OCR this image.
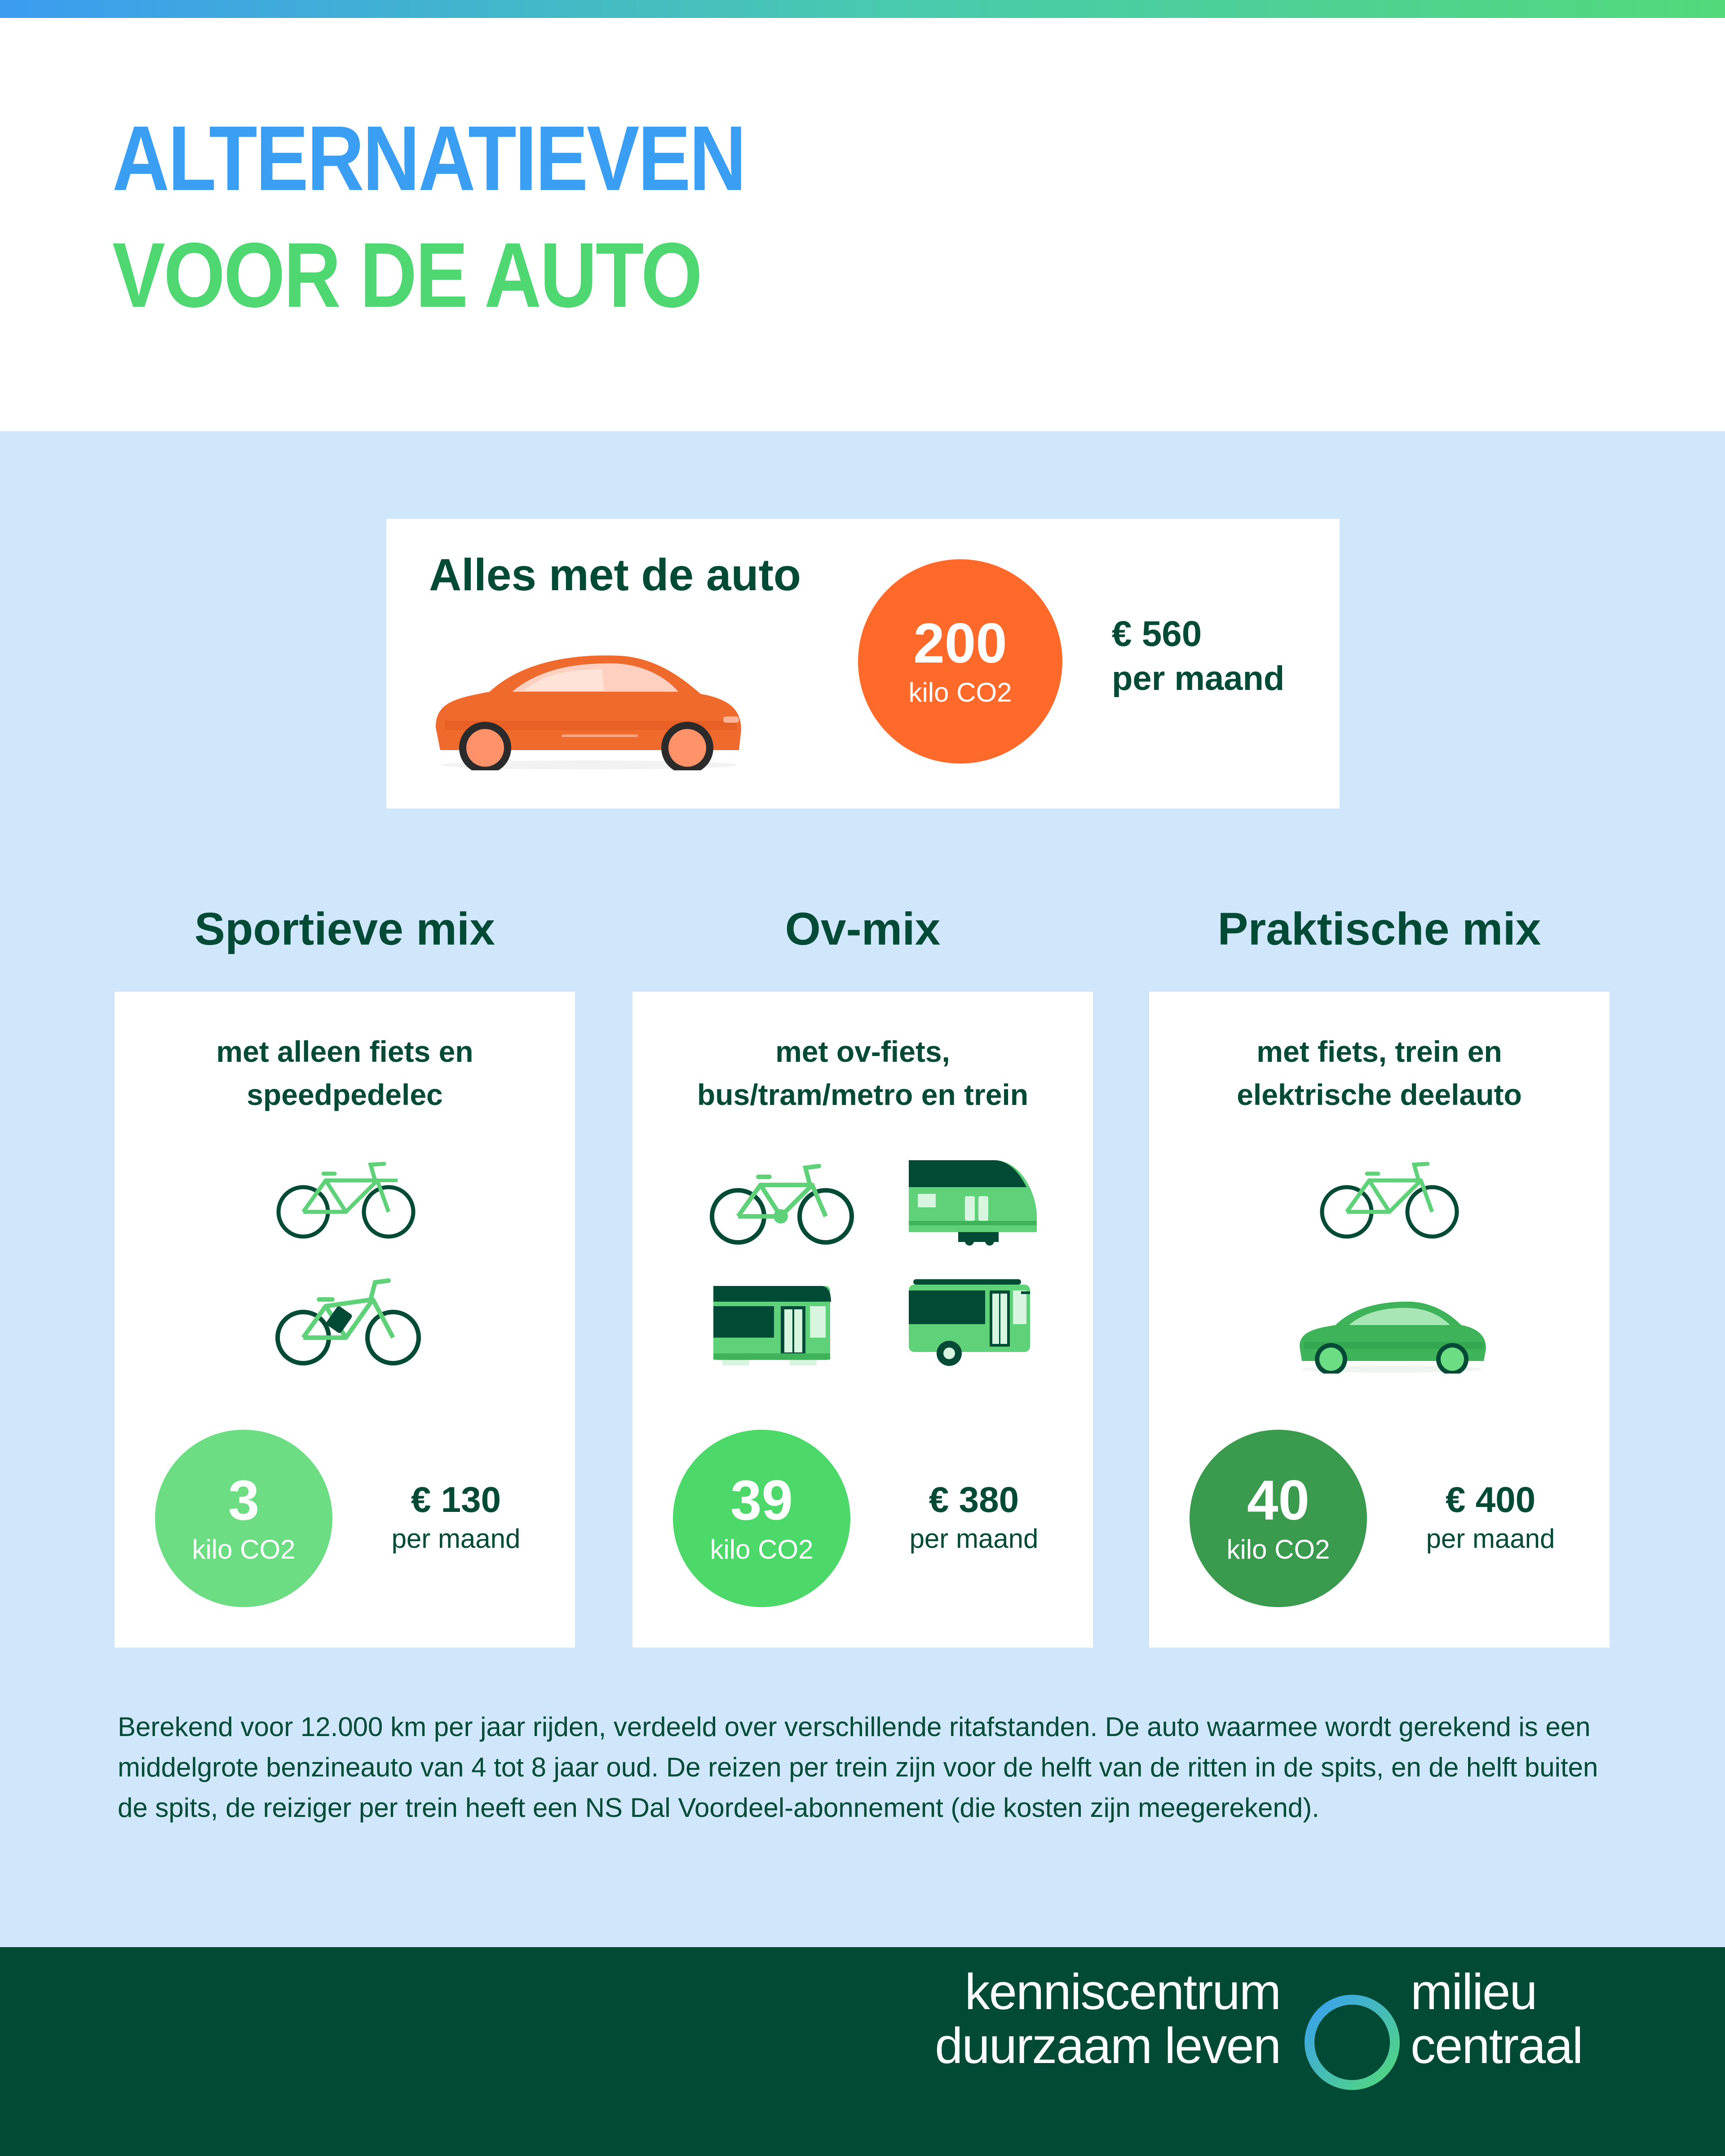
ALTERNATIEVEN
VOOR DE AUTO
Alles met de auto
200
kilo CO2
€ 560
per maand
Sportieve mix	Ov-mix	Praktische mix
met alleen fiets en
speedpedelec
3
kilo CO2
€ 130
per maand
met ov-fiets,
bus/tram/metro en trein
39
kilo CO2
€ 380
per maand
met fiets, trein en
elektrische deelauto
40
kilo CO2
€ 400
per maand
Berekend voor 12.000 km per jaar rijden, verdeeld over verschillende ritafstanden. De auto waarmee wordt gerekend is een middelgrote benzineauto van 4 tot 8 jaar oud. De reizen per trein zijn voor de helft van de ritten in de spits, en de helft buiten de spits, de reiziger per trein heeft een NS Dal Voordeel-abonnement (die kosten zijn meegerekend).
kenniscentrum
duurzaam leven
milieu
centraal
